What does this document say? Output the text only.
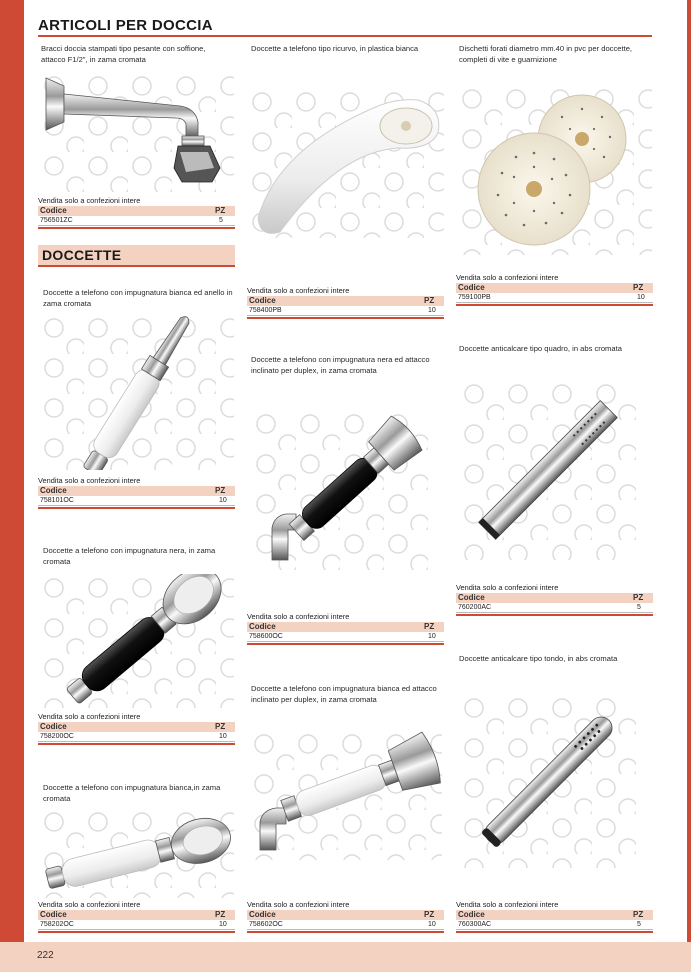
ARTICOLI PER DOCCIA
DOCCETTE
Bracci doccia stampati tipo pesante con soffione, attacco F1/2", in zama cromata
Vendita solo a confezioni intere
Codice	PZ
756501ZC	5
Doccette a telefono tipo ricurvo, in plastica bianca
Vendita solo a confezioni intere
Codice	PZ
758400PB	10
Dischetti forati diametro mm.40 in pvc per doccette, completi di vite e guarnizione
Vendita solo a confezioni intere
Codice	PZ
759100PB	10
Doccette a telefono con impugnatura bianca ed anello in zama cromata
Vendita solo a confezioni intere
Codice	PZ
758101OC	10
Doccette a telefono con impugnatura nera ed attacco inclinato per duplex, in zama cromata
Vendita solo a confezioni intere
Codice	PZ
758600OC	10
Doccette anticalcare tipo quadro, in abs cromata
Vendita solo a confezioni intere
Codice	PZ
760200AC	5
Doccette a telefono con impugnatura nera, in zama cromata
Vendita solo a confezioni intere
Codice	PZ
758200OC	10
Doccette a telefono con impugnatura bianca ed attacco inclinato per duplex, in zama cromata
Vendita solo a confezioni intere
Codice	PZ
758602OC	10
Doccette anticalcare tipo tondo, in abs cromata
Vendita solo a confezioni intere
Codice	PZ
760300AC	5
Doccette a telefono con impugnatura bianca,in zama cromata
Vendita solo a confezioni intere
Codice	PZ
758202OC	10
222
